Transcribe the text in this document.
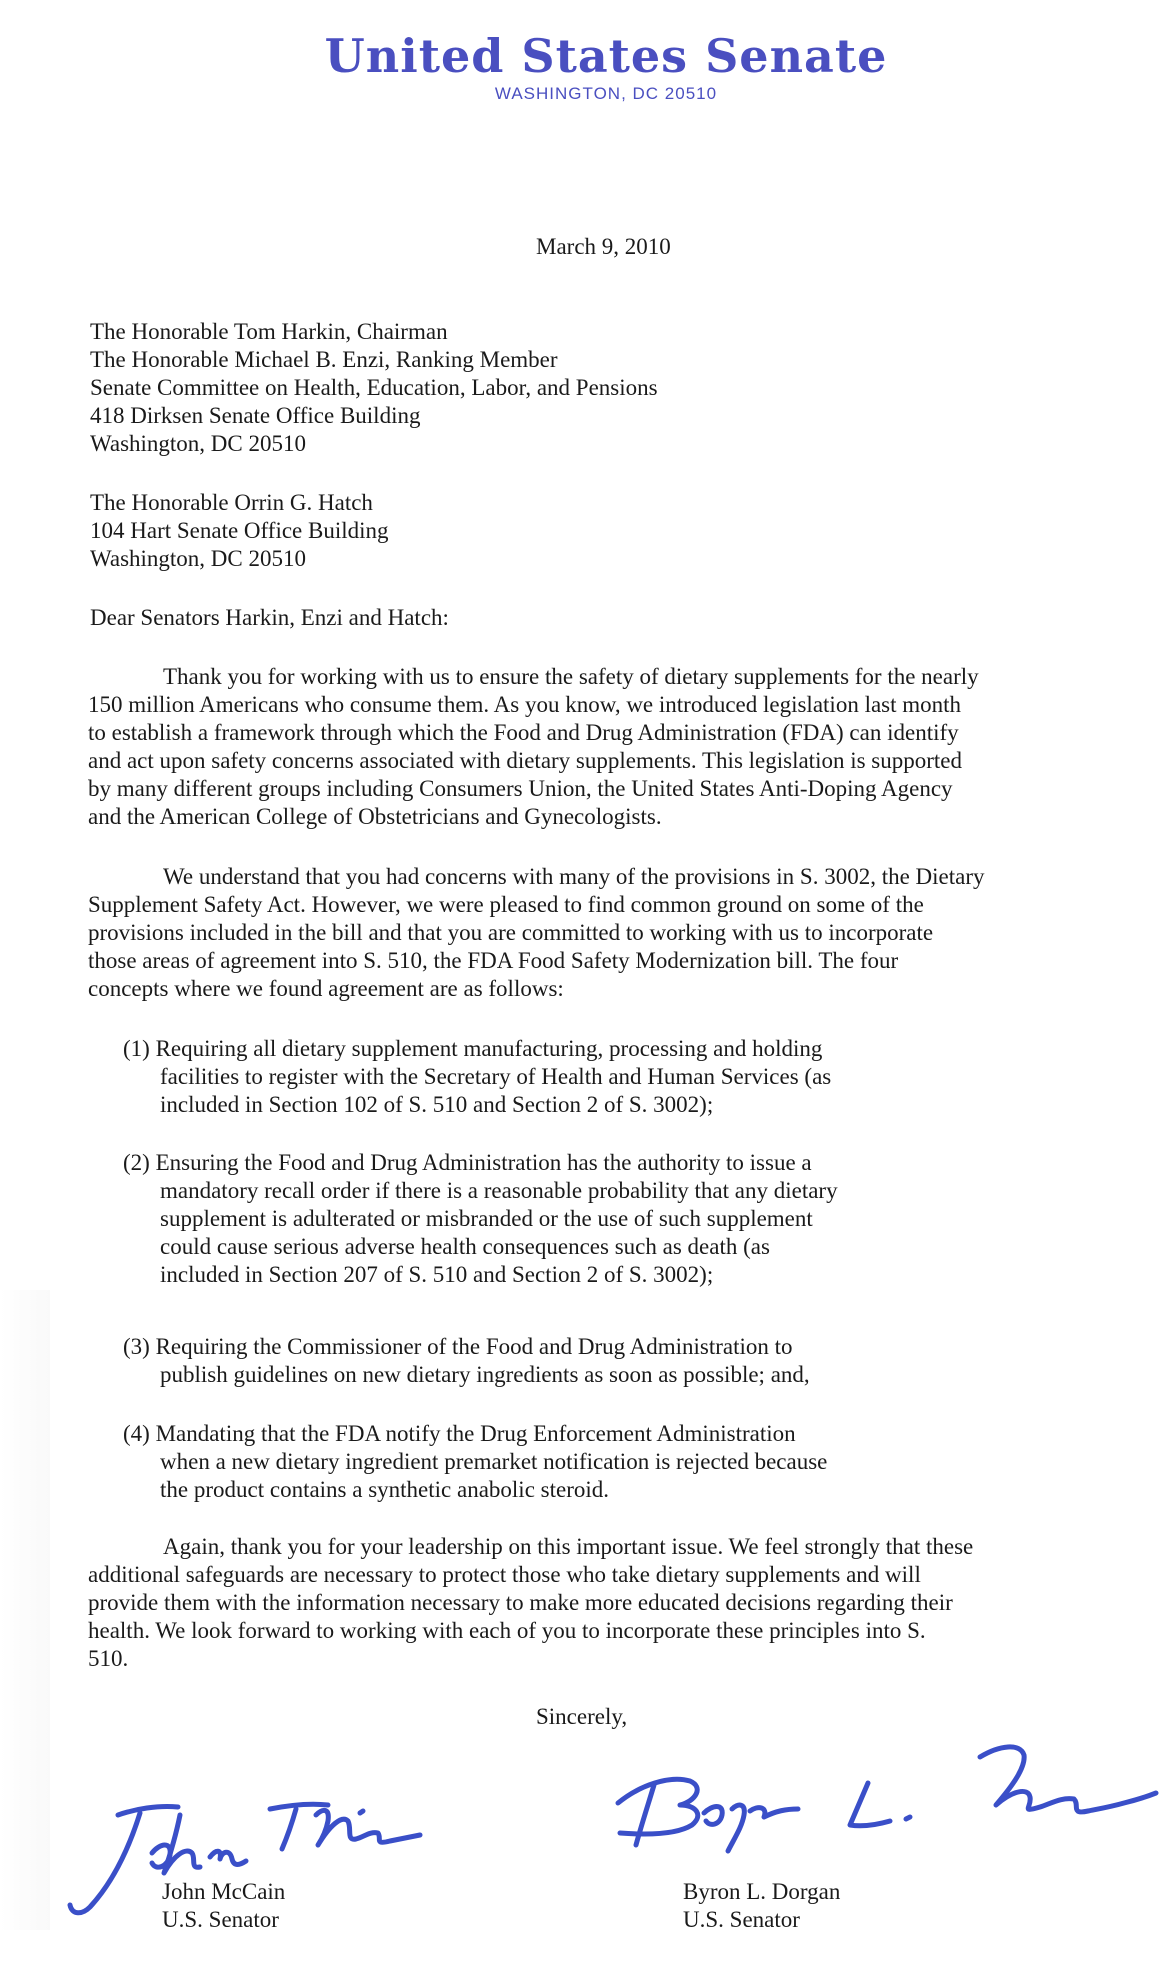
United States Senate
WASHINGTON, DC 20510
March 9, 2010
The Honorable Tom Harkin, Chairman
The Honorable Michael B. Enzi, Ranking Member
Senate Committee on Health, Education, Labor, and Pensions
418 Dirksen Senate Office Building
Washington, DC 20510
The Honorable Orrin G. Hatch
104 Hart Senate Office Building
Washington, DC 20510
Dear Senators Harkin, Enzi and Hatch:
Thank you for working with us to ensure the safety of dietary supplements for the nearly
150 million Americans who consume them. As you know, we introduced legislation last month
to establish a framework through which the Food and Drug Administration (FDA) can identify
and act upon safety concerns associated with dietary supplements. This legislation is supported
by many different groups including Consumers Union, the United States Anti-Doping Agency
and the American College of Obstetricians and Gynecologists.
We understand that you had concerns with many of the provisions in S. 3002, the Dietary
Supplement Safety Act. However, we were pleased to find common ground on some of the
provisions included in the bill and that you are committed to working with us to incorporate
those areas of agreement into S. 510, the FDA Food Safety Modernization bill. The four
concepts where we found agreement are as follows:
(1) Requiring all dietary supplement manufacturing, processing and holding
facilities to register with the Secretary of Health and Human Services (as
included in Section 102 of S. 510 and Section 2 of S. 3002);
(2) Ensuring the Food and Drug Administration has the authority to issue a
mandatory recall order if there is a reasonable probability that any dietary
supplement is adulterated or misbranded or the use of such supplement
could cause serious adverse health consequences such as death (as
included in Section 207 of S. 510 and Section 2 of S. 3002);
(3) Requiring the Commissioner of the Food and Drug Administration to
publish guidelines on new dietary ingredients as soon as possible; and,
(4) Mandating that the FDA notify the Drug Enforcement Administration
when a new dietary ingredient premarket notification is rejected because
the product contains a synthetic anabolic steroid.
Again, thank you for your leadership on this important issue. We feel strongly that these
additional safeguards are necessary to protect those who take dietary supplements and will
provide them with the information necessary to make more educated decisions regarding their
health. We look forward to working with each of you to incorporate these principles into S.
510.
Sincerely,
John McCain
U.S. Senator
Byron L. Dorgan
U.S. Senator
